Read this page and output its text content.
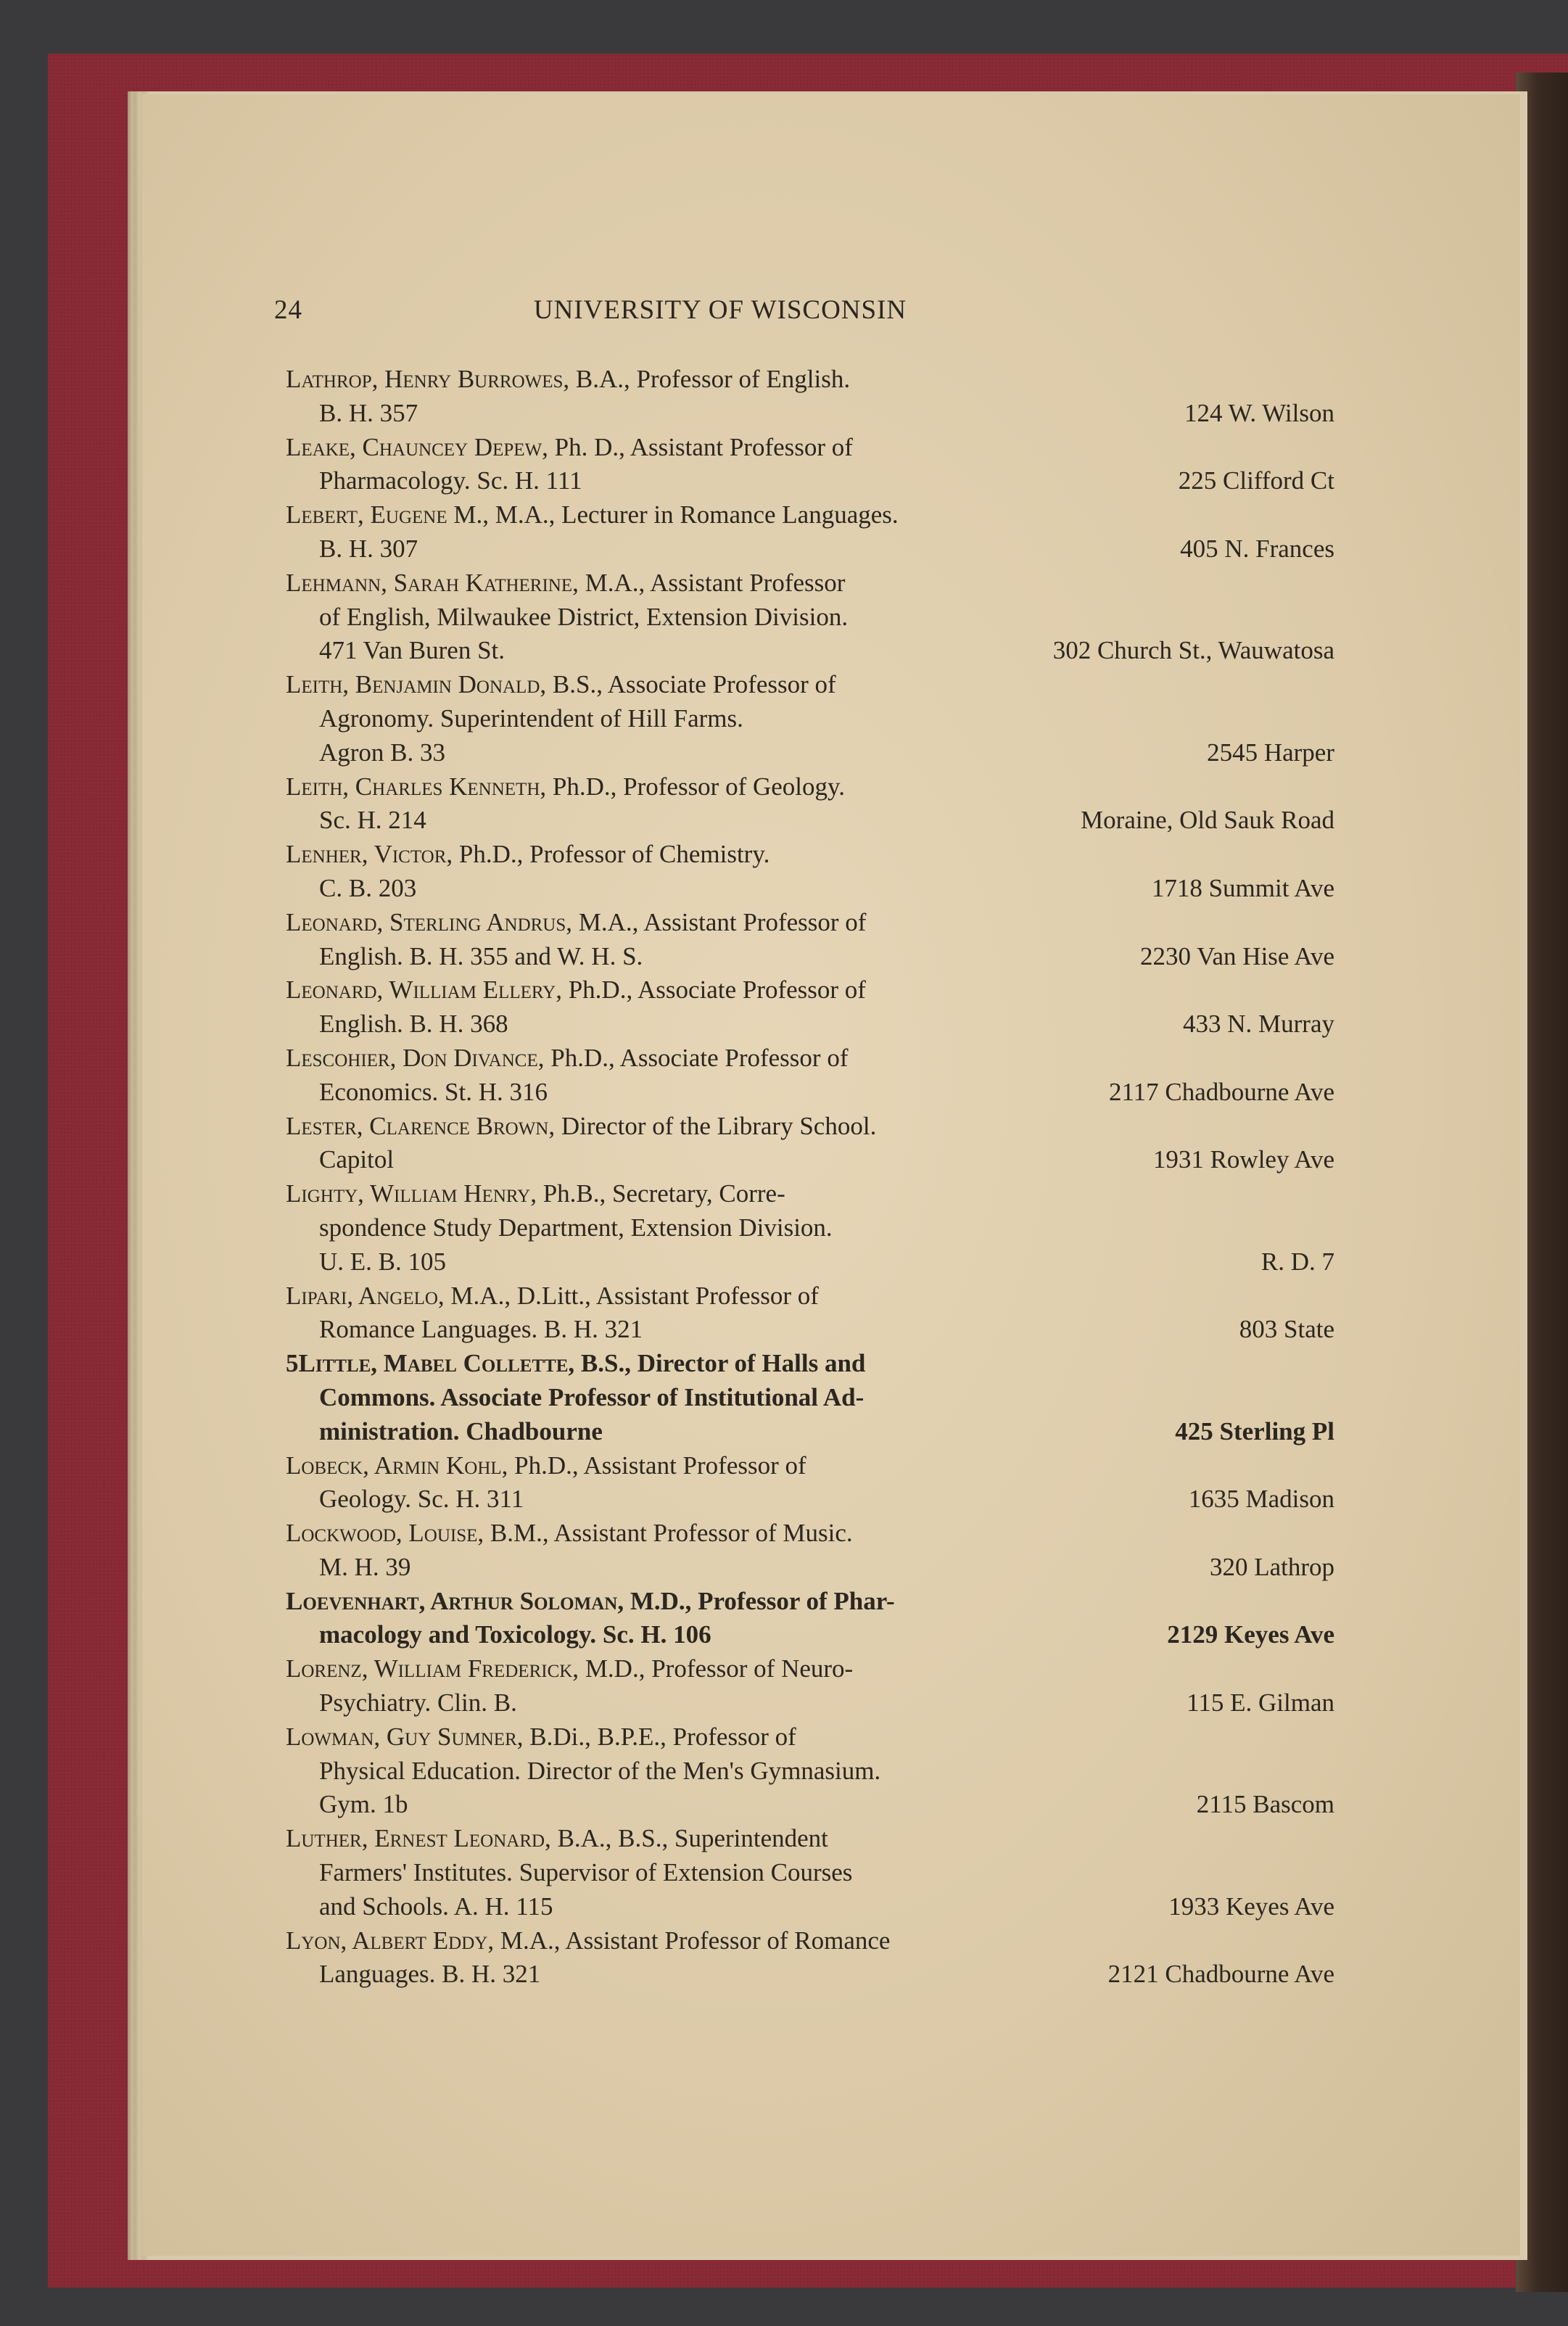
24	UNIVERSITY OF WISCONSIN
Lathrop, Henry Burrowes, B.A., Professor of English.
B. H. 357	124 W. Wilson
Leake, Chauncey Depew, Ph. D., Assistant Professor of
Pharmacology. Sc. H. 111	225 Clifford Ct
Lebert, Eugene M., M.A., Lecturer in Romance Languages.
B. H. 307	405 N. Frances
Lehmann, Sarah Katherine, M.A., Assistant Professor
of English, Milwaukee District, Extension Division.
471 Van Buren St.	302 Church St., Wauwatosa
Leith, Benjamin Donald, B.S., Associate Professor of
Agronomy. Superintendent of Hill Farms.
Agron B. 33	2545 Harper
Leith, Charles Kenneth, Ph.D., Professor of Geology.
Sc. H. 214	Moraine, Old Sauk Road
Lenher, Victor, Ph.D., Professor of Chemistry.
C. B. 203	1718 Summit Ave
Leonard, Sterling Andrus, M.A., Assistant Professor of
English. B. H. 355 and W. H. S.	2230 Van Hise Ave
Leonard, William Ellery, Ph.D., Associate Professor of
English. B. H. 368	433 N. Murray
Lescohier, Don Divance, Ph.D., Associate Professor of
Economics. St. H. 316	2117 Chadbourne Ave
Lester, Clarence Brown, Director of the Library School.
Capitol	1931 Rowley Ave
Lighty, William Henry, Ph.B., Secretary, Corre-
spondence Study Department, Extension Division.
U. E. B. 105	R. D. 7
Lipari, Angelo, M.A., D.Litt., Assistant Professor of
Romance Languages. B. H. 321	803 State
5Little, Mabel Collette, B.S., Director of Halls and
Commons. Associate Professor of Institutional Ad-
ministration. Chadbourne	425 Sterling Pl
Lobeck, Armin Kohl, Ph.D., Assistant Professor of
Geology. Sc. H. 311	1635 Madison
Lockwood, Louise, B.M., Assistant Professor of Music.
M. H. 39	320 Lathrop
Loevenhart, Arthur Soloman, M.D., Professor of Phar-
macology and Toxicology. Sc. H. 106	2129 Keyes Ave
Lorenz, William Frederick, M.D., Professor of Neuro-
Psychiatry. Clin. B.	115 E. Gilman
Lowman, Guy Sumner, B.Di., B.P.E., Professor of
Physical Education. Director of the Men's Gymnasium.
Gym. 1b	2115 Bascom
Luther, Ernest Leonard, B.A., B.S., Superintendent
Farmers' Institutes. Supervisor of Extension Courses
and Schools. A. H. 115	1933 Keyes Ave
Lyon, Albert Eddy, M.A., Assistant Professor of Romance
Languages. B. H. 321	2121 Chadbourne Ave
